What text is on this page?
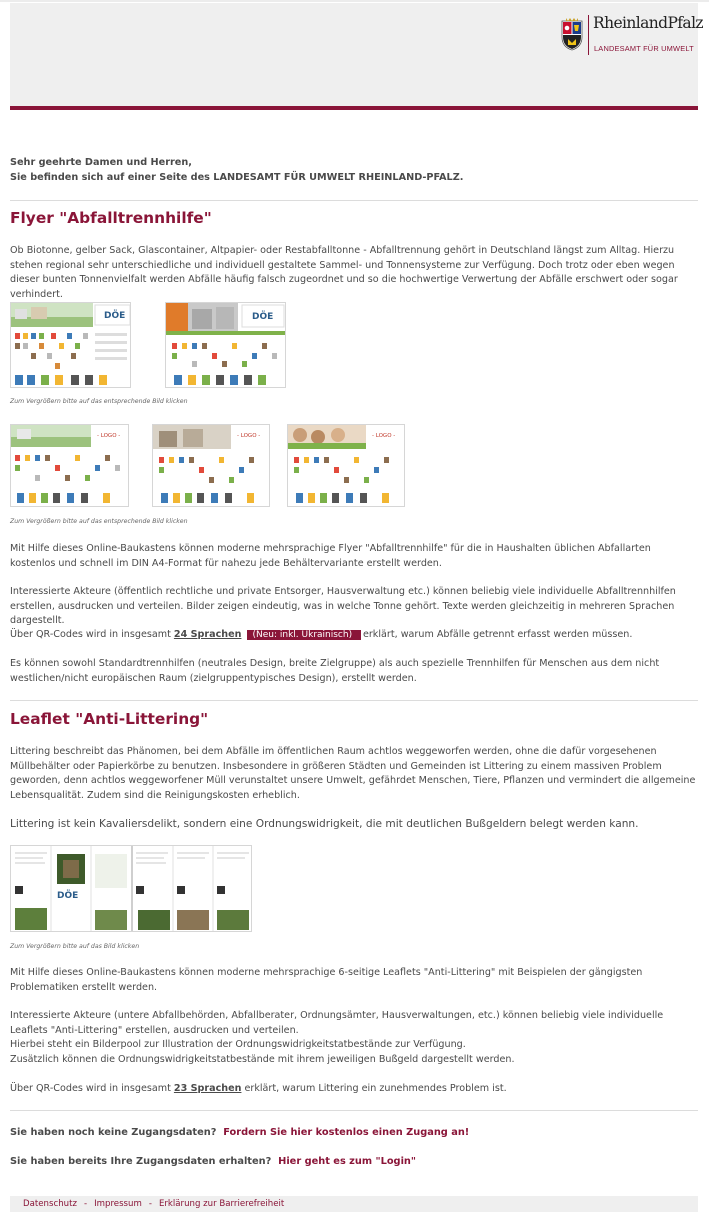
RheinlandPfalz
LANDESAMT FÜR UMWELT
Sehr geehrte Damen und Herren,
Sie befinden sich auf einer Seite des LANDESAMT FÜR UMWELT RHEINLAND-PFALZ.
Flyer "Abfalltrennhilfe"
Ob Biotonne, gelber Sack, Glascontainer, Altpapier- oder Restabfalltonne - Abfalltrennung gehört in Deutschland längst zum Alltag. Hierzu stehen regional sehr unterschiedliche und individuell gestaltete Sammel- und Tonnensysteme zur Verfügung. Doch trotz oder eben wegen dieser bunten Tonnenvielfalt werden Abfälle häufig falsch zugeordnet und so die hochwertige Verwertung der Abfälle erschwert oder sogar verhindert.
DÖE	DÖE
Zum Vergrößern bitte auf das entsprechende Bild klicken
- LOGO -	- LOGO -	- LOGO -
Zum Vergrößern bitte auf das entsprechende Bild klicken
Mit Hilfe dieses Online-Baukastens können moderne mehrsprachige Flyer "Abfalltrennhilfe" für die in Haushalten üblichen Abfallarten kostenlos und schnell im DIN A4-Format für nahezu jede Behältervariante erstellt werden.
Interessierte Akteure (öffentlich rechtliche und private Entsorger, Hausverwaltung etc.) können beliebig viele individuelle Abfalltrennhilfen erstellen, ausdrucken und verteilen. Bilder zeigen eindeutig, was in welche Tonne gehört. Texte werden gleichzeitig in mehreren Sprachen dargestellt.
Über QR-Codes wird in insgesamt 24 Sprachen (Neu: inkl. Ukrainisch) erklärt, warum Abfälle getrennt erfasst werden müssen.
Es können sowohl Standardtrennhilfen (neutrales Design, breite Zielgruppe) als auch spezielle Trennhilfen für Menschen aus dem nicht westlichen/nicht europäischen Raum (zielgruppentypisches Design), erstellt werden.
Leaflet "Anti-Littering"
Littering beschreibt das Phänomen, bei dem Abfälle im öffentlichen Raum achtlos weggeworfen werden, ohne die dafür vorgesehenen Müllbehälter oder Papierkörbe zu benutzen. Insbesondere in größeren Städten und Gemeinden ist Littering zu einem massiven Problem geworden, denn achtlos weggeworfener Müll verunstaltet unsere Umwelt, gefährdet Menschen, Tiere, Pflanzen und vermindert die allgemeine Lebensqualität. Zudem sind die Reinigungskosten erheblich.
Littering ist kein Kavaliersdelikt, sondern eine Ordnungswidrigkeit, die mit deutlichen Bußgeldern belegt werden kann.
DÖE
Zum Vergrößern bitte auf das Bild klicken
Mit Hilfe dieses Online-Baukastens können moderne mehrsprachige 6-seitige Leaflets "Anti-Littering" mit Beispielen der gängigsten Problematiken erstellt werden.
Interessierte Akteure (untere Abfallbehörden, Abfallberater, Ordnungsämter, Hausverwaltungen, etc.) können beliebig viele individuelle Leaflets "Anti-Littering" erstellen, ausdrucken und verteilen.
Hierbei steht ein Bilderpool zur Illustration der Ordnungswidrigkeitstatbestände zur Verfügung.
Zusätzlich können die Ordnungswidrigkeitstatbestände mit ihrem jeweiligen Bußgeld dargestellt werden.
Über QR-Codes wird in insgesamt 23 Sprachen erklärt, warum Littering ein zunehmendes Problem ist.
Sie haben noch keine Zugangsdaten? Fordern Sie hier kostenlos einen Zugang an!
Sie haben bereits Ihre Zugangsdaten erhalten? Hier geht es zum "Login"
Datenschutz - Impressum - Erklärung zur Barrierefreiheit
